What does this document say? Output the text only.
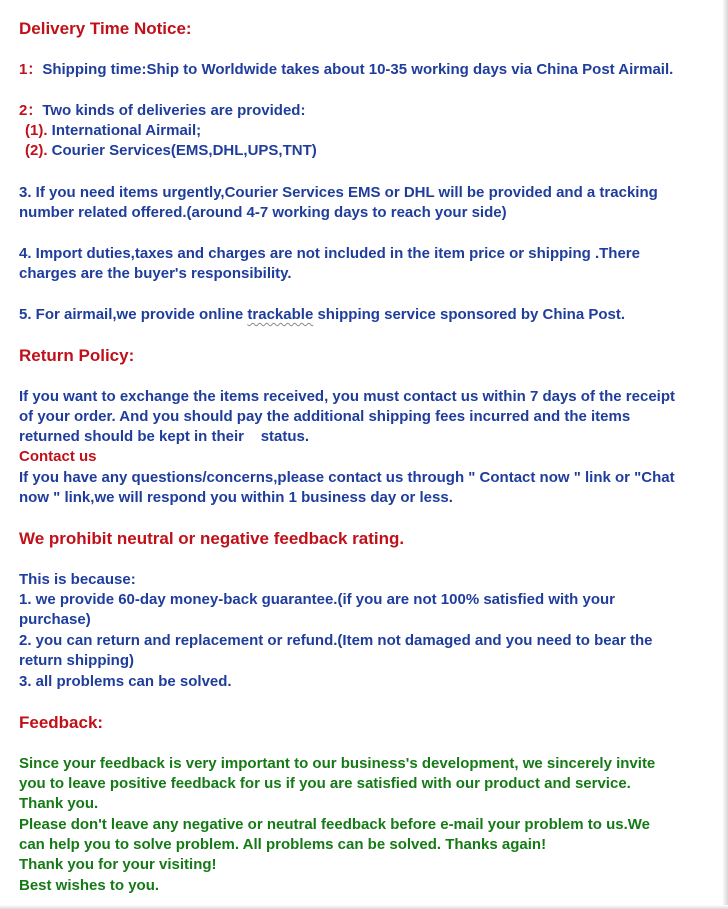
Delivery Time Notice:
1：Shipping time:Ship to Worldwide takes about 10-35 working days via China Post Airmail.
2：Two kinds of deliveries are provided:
(1). International Airmail;
(2). Courier Services(EMS,DHL,UPS,TNT)
3. If you need items urgently,Courier Services EMS or DHL will be provided and a tracking
number related offered.(around 4-7 working days to reach your side)
4. Import duties,taxes and charges are not included in the item price or shipping .There
charges are the buyer's responsibility.
5. For airmail,we provide online trackable shipping service sponsored by China Post.
Return Policy:
If you want to exchange the items received, you must contact us within 7 days of the receipt
of your order. And you should pay the additional shipping fees incurred and the items
returned should be kept in their    status.
Contact us
If you have any questions/concerns,please contact us through " Contact now " link or "Chat
now " link,we will respond you within 1 business day or less.
We prohibit neutral or negative feedback rating.
This is because:
1. we provide 60-day money-back guarantee.(if you are not 100% satisfied with your
purchase)
2. you can return and replacement or refund.(Item not damaged and you need to bear the
return shipping)
3. all problems can be solved.
Feedback:
Since your feedback is very important to our business's development, we sincerely invite
you to leave positive feedback for us if you are satisfied with our product and service.
Thank you.
Please don't leave any negative or neutral feedback before e-mail your problem to us.We
can help you to solve problem. All problems can be solved. Thanks again!
Thank you for your visiting!
Best wishes to you.
